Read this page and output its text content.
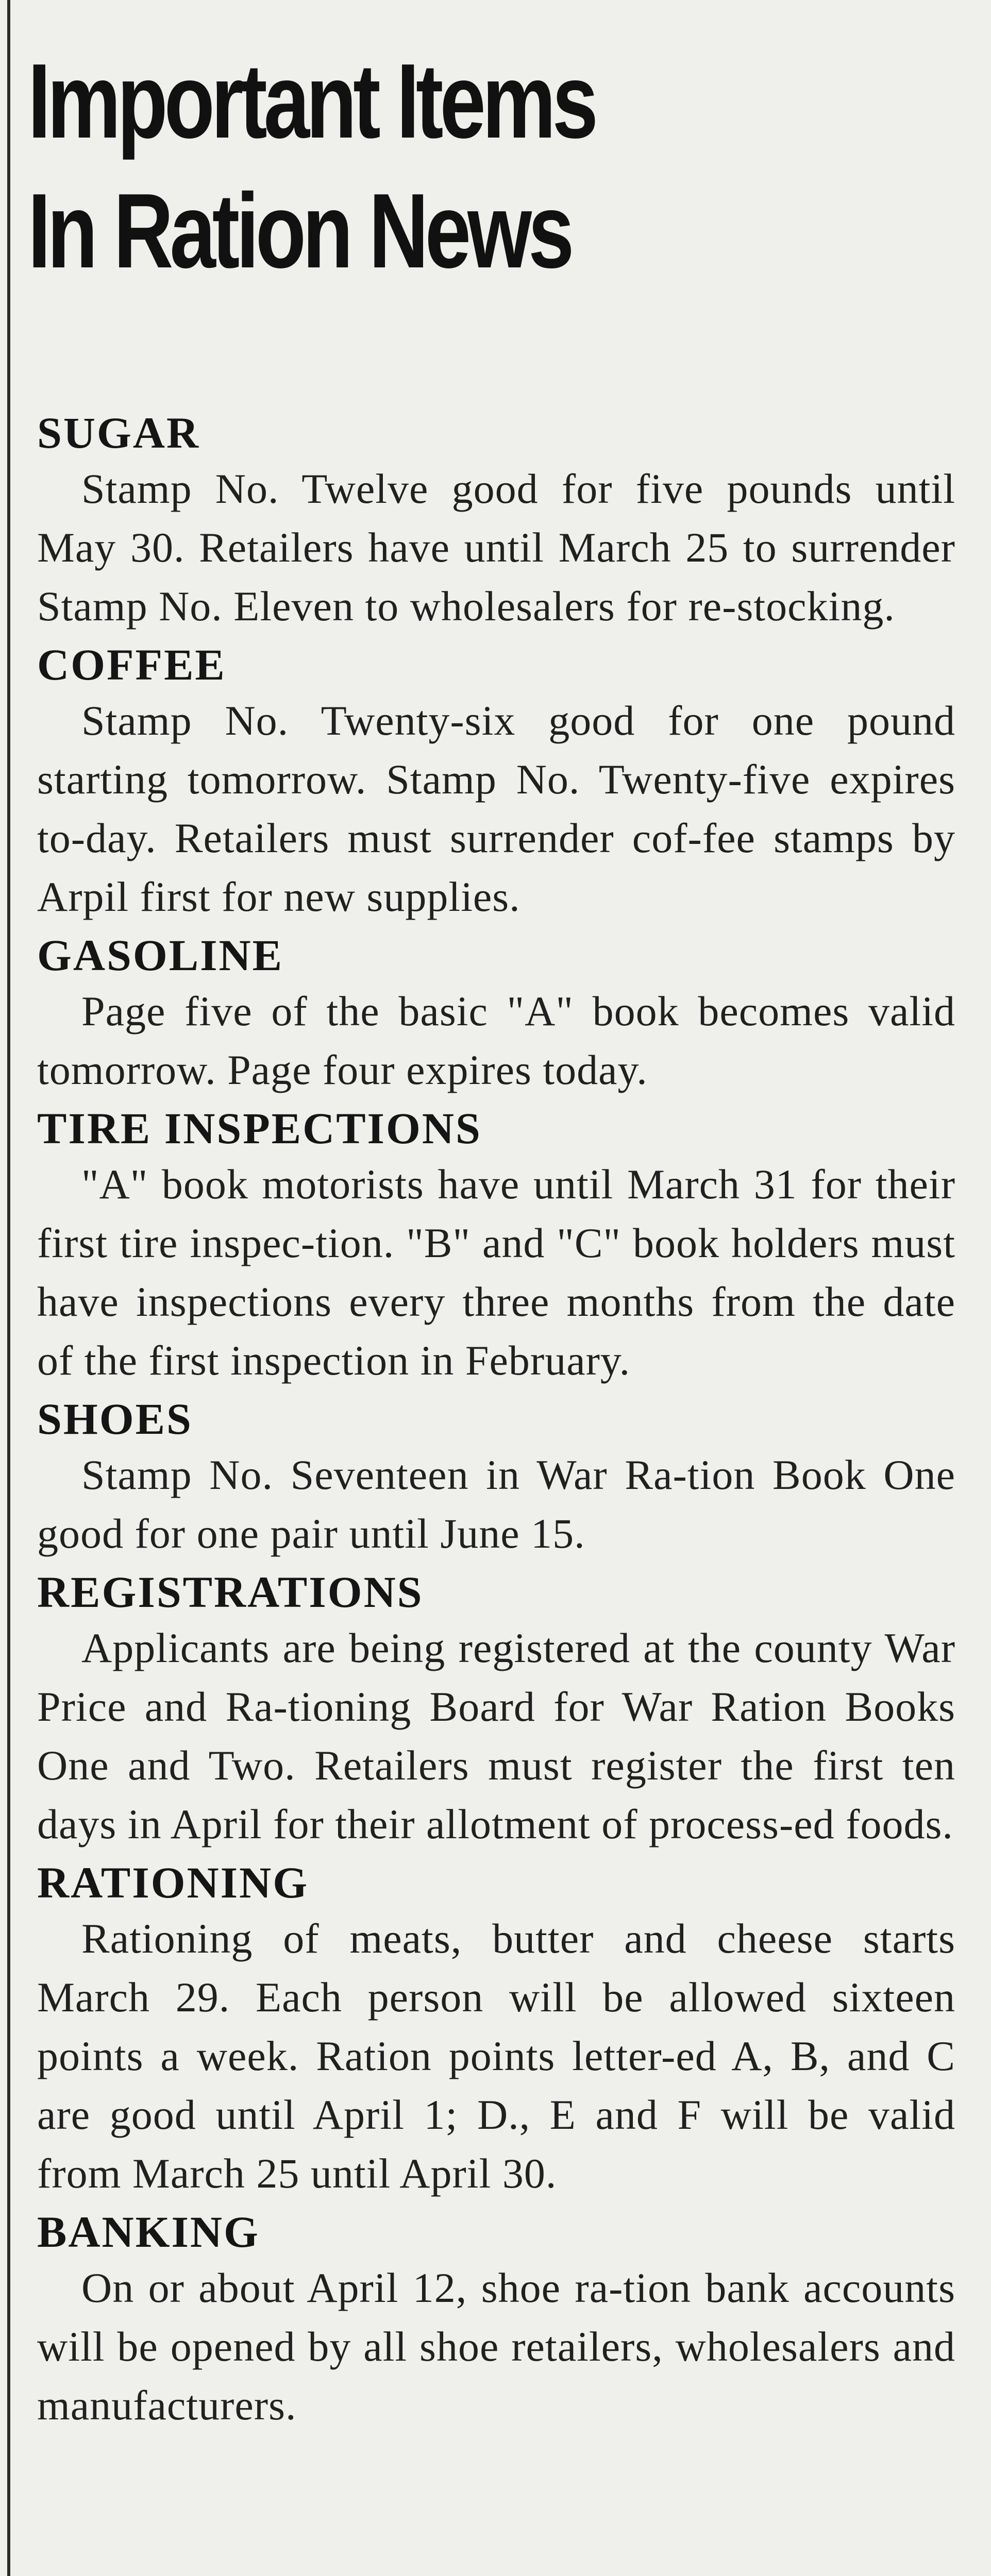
Important Items
In Ration News
SUGAR
Stamp No. Twelve good for five pounds until May 30. Retailers have until March 25 to surrender Stamp No. Eleven to wholesalers for re-stocking.
COFFEE
Stamp No. Twenty-six good for one pound starting tomorrow. Stamp No. Twenty-five expires to-day. Retailers must surrender cof-fee stamps by Arpil first for new supplies.
GASOLINE
Page five of the basic "A" book becomes valid tomorrow. Page four expires today.
TIRE INSPECTIONS
"A" book motorists have until March 31 for their first tire inspec-tion. "B" and "C" book holders must have inspections every three months from the date of the first inspection in February.
SHOES
Stamp No. Seventeen in War Ra-tion Book One good for one pair until June 15.
REGISTRATIONS
Applicants are being registered at the county War Price and Ra-tioning Board for War Ration Books One and Two. Retailers must register the first ten days in April for their allotment of process-ed foods.
RATIONING
Rationing of meats, butter and cheese starts March 29. Each person will be allowed sixteen points a week. Ration points letter-ed A, B, and C are good until April 1; D., E and F will be valid from March 25 until April 30.
BANKING
On or about April 12, shoe ra-tion bank accounts will be opened by all shoe retailers, wholesalers and manufacturers.
